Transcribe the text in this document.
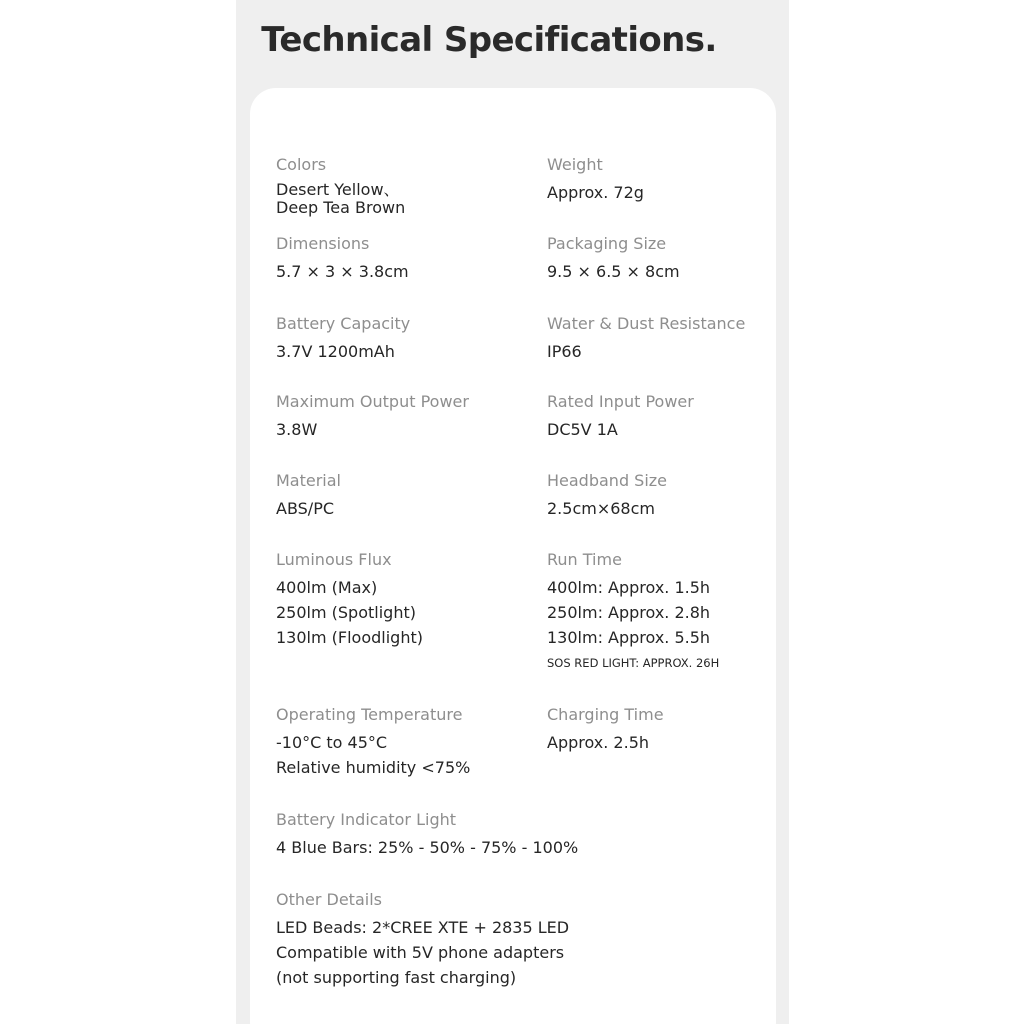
Technical Specifications.
Colors
Desert Yellow、
Deep Tea Brown
Weight
Approx. 72g
Dimensions
5.7 × 3 × 3.8cm
Packaging Size
9.5 × 6.5 × 8cm
Battery Capacity
3.7V 1200mAh
Water & Dust Resistance
IP66
Maximum Output Power
3.8W
Rated Input Power
DC5V 1A
Material
ABS/PC
Headband Size
2.5cm×68cm
Luminous Flux
400lm (Max)
250lm (Spotlight)
130lm (Floodlight)
Run Time
400lm: Approx. 1.5h
250lm: Approx. 2.8h
130lm: Approx. 5.5h
SOS RED LIGHT: APPROX. 26H
Operating Temperature
-10°C to 45°C
Relative humidity <75%
Charging Time
Approx. 2.5h
Battery Indicator Light
4 Blue Bars: 25% - 50% - 75% - 100%
Other Details
LED Beads: 2*CREE XTE + 2835 LED
Compatible with 5V phone adapters
(not supporting fast charging)
